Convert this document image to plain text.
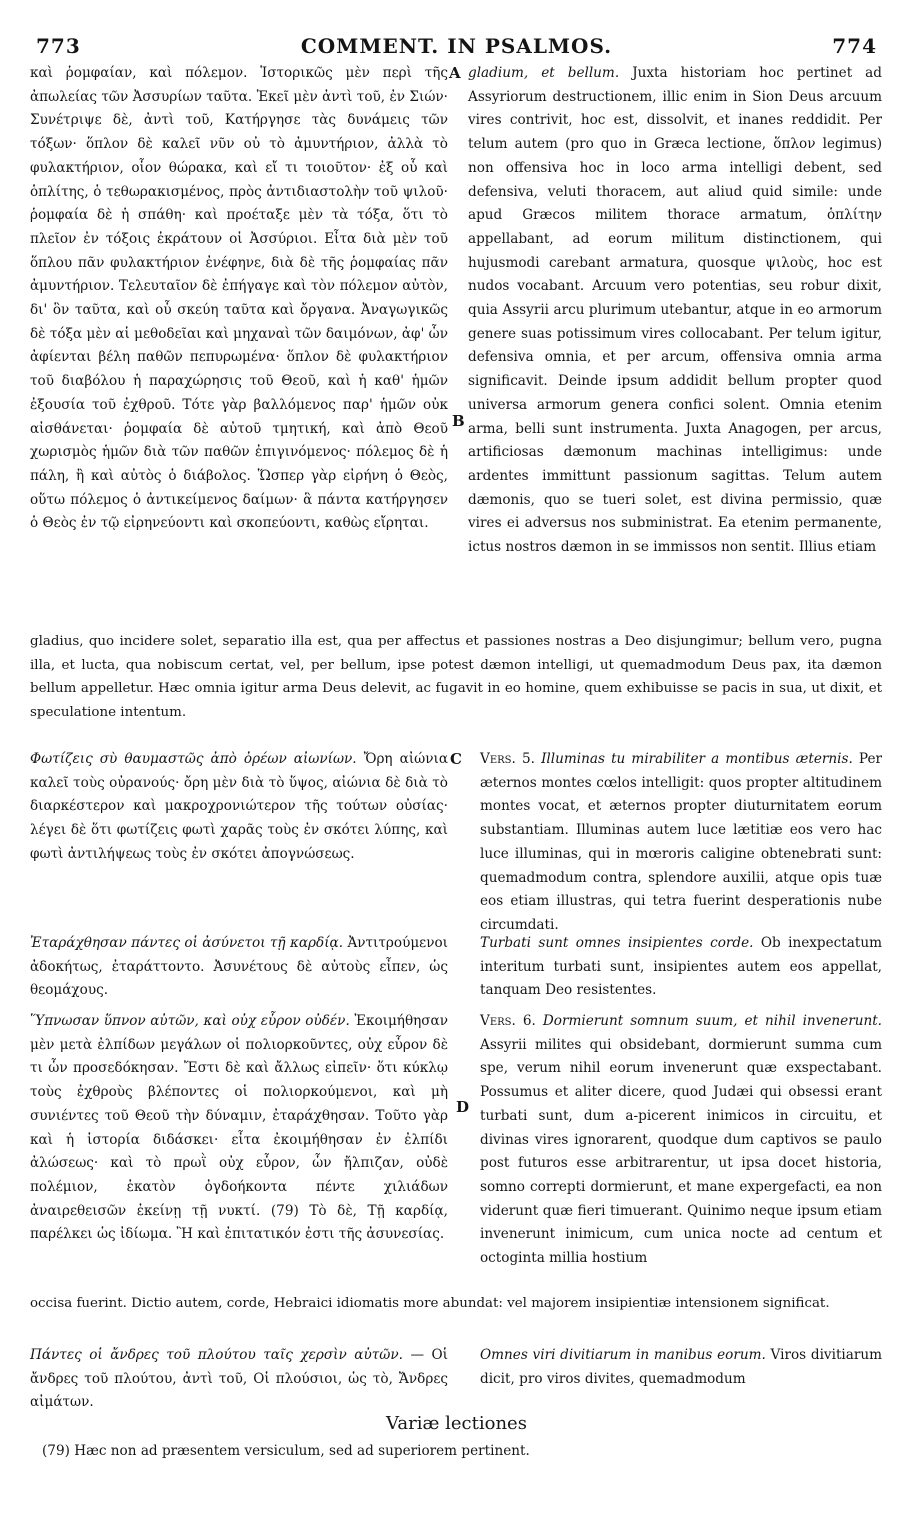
773	COMMENT. IN PSALMOS.	774

καὶ ῥομφαίαν, καὶ πόλεμον. Ἱστορικῶς μὲν περὶ τῆς ἀπωλείας τῶν Ἀσσυρίων ταῦτα. Ἐκεῖ μὲν ἀντὶ τοῦ, ἐν Σιών· Συνέτριψε δὲ, ἀντὶ τοῦ, Κατήργησε τὰς δυνάμεις τῶν τόξων· ὅπλον δὲ καλεῖ νῦν οὐ τὸ ἀμυντήριον, ἀλλὰ τὸ φυλακτήριον, οἷον θώρακα, καὶ εἴ τι τοιοῦτον· ἐξ οὗ καὶ ὁπλίτης, ὁ τεθωρακισμένος, πρὸς ἀντιδιαστολὴν τοῦ ψιλοῦ· ῥομφαία δὲ ἡ σπάθη· καὶ προέταξε μὲν τὰ τόξα, ὅτι τὸ πλεῖον ἐν τόξοις ἐκράτουν οἱ Ἀσσύριοι. Εἶτα διὰ μὲν τοῦ ὅπλου πᾶν φυλακτήριον ἐνέφηνε, διὰ δὲ τῆς ῥομφαίας πᾶν ἀμυντήριον. Τελευταῖον δὲ ἐπήγαγε καὶ τὸν πόλεμον αὐτὸν, δι' ὃν ταῦτα, καὶ οὗ σκεύη ταῦτα καὶ ὄργανα. Ἀναγωγικῶς δὲ τόξα μὲν αἱ μεθοδεῖαι καὶ μηχαναὶ τῶν δαιμόνων, ἀφ' ὧν ἀφίενται βέλη παθῶν πεπυρωμένα· ὅπλον δὲ φυλακτήριον τοῦ διαβόλου ἡ παραχώρησις τοῦ Θεοῦ, καὶ ἡ καθ' ἡμῶν ἐξουσία τοῦ ἐχθροῦ. Τότε γὰρ βαλλόμενος παρ' ἡμῶν οὐκ αἰσθάνεται· ῥομφαία δὲ αὐτοῦ τμητική, καὶ ἀπὸ Θεοῦ χωρισμὸς ἡμῶν διὰ τῶν παθῶν ἐπιγινόμενος· πόλεμος δὲ ἡ πάλη, ἢ καὶ αὐτὸς ὁ διάβολος. Ὥσπερ γὰρ εἰρήνη ὁ Θεὸς, οὕτω πόλεμος ὁ ἀντικείμενος δαίμων· ἃ πάντα κατήργησεν ὁ Θεὸς ἐν τῷ εἰρηνεύοντι καὶ σκοπεύοντι, καθὼς εἴρηται.

A gladium, et bellum. Juxta historiam hoc pertinet ad Assyriorum destructionem, illic enim in Sion Deus arcuum vires contrivit, hoc est, dissolvit, et inanes reddidit. Per telum autem (pro quo in Græca lectione, ὅπλον legimus) non offensiva hoc in loco arma intelligi debent, sed defensiva, veluti thoracem, aut aliud quid simile: unde apud Græcos militem thorace armatum, ὁπλίτην appellabant, ad eorum militum distinctionem, qui hujusmodi carebant armatura, quosque ψιλοὺς, hoc est nudos vocabant. Arcuum vero potentias, seu robur dixit, quia Assyrii arcu plurimum utebantur, atque in eo armorum genere suas potissimum vires collocabant. Per telum igitur, defensiva omnia, et per arcum, offensiva omnia arma significavit. Deinde ipsum addidit bellum propter quod universa armorum genera confici solent. Omnia etenim arma, belli sunt instrumenta. Juxta Anagogen, per arcus, artificiosas dæmonum machinas intelligimus: unde ardentes immittunt passionum sagittas. Telum autem dæmonis, quo se tueri solet, est divina permissio, quæ vires ei adversus nos subministrat. Ea etenim permanente, ictus nostros dæmon in se immissos non sentit. Illius etiam

B

gladius, quo incidere solet, separatio illa est, qua per affectus et passiones nostras a Deo disjungimur; bellum vero, pugna illa, et lucta, qua nobiscum certat, vel, per bellum, ipse potest dæmon intelligi, ut quemadmodum Deus pax, ita dæmon bellum appelletur. Hæc omnia igitur arma Deus delevit, ac fugavit in eo homine, quem exhibuisse se pacis in sua, ut dixit, et speculatione intentum.

Φωτίζεις σὺ θαυμαστῶς ἀπὸ ὀρέων αἰωνίων. Ὄρη αἰώνια καλεῖ τοὺς οὐρανούς· ὄρη μὲν διὰ τὸ ὕψος, αἰώνια δὲ διὰ τὸ διαρκέστερον καὶ μακροχρονιώτερον τῆς τούτων οὐσίας· λέγει δὲ ὅτι φωτίζεις φωτὶ χαρᾶς τοὺς ἐν σκότει λύπης, καὶ φωτὶ ἀντιλήψεως τοὺς ἐν σκότει ἀπογνώσεως.

C Vers. 5. Illuminas tu mirabiliter a montibus æternis. Per æternos montes cœlos intelligit: quos propter altitudinem montes vocat, et æternos propter diuturnitatem eorum substantiam. Illuminas autem luce lætitiæ eos vero hac luce illuminas, qui in mœroris caligine obtenebrati sunt: quemadmodum contra, splendore auxilii, atque opis tuæ eos etiam illustras, qui tetra fuerint desperationis nube circumdati.

Ἐταράχθησαν πάντες οἱ ἀσύνετοι τῇ καρδίᾳ. Ἀντιτρούμενοι ἀδοκήτως, ἐταράττοντο. Ἀσυνέτους δὲ αὐτοὺς εἶπεν, ὡς θεομάχους.

Turbati sunt omnes insipientes corde. Ob inexpectatum interitum turbati sunt, insipientes autem eos appellat, tanquam Deo resistentes.

Ὕπνωσαν ὕπνον αὐτῶν, καὶ οὐχ εὗρον οὐδέν. Ἐκοιμήθησαν μὲν μετὰ ἐλπίδων μεγάλων οἱ πολιορκοῦντες, οὐχ εὗρον δὲ τι ὧν προσεδόκησαν. Ἔστι δὲ καὶ ἄλλως εἰπεῖν· ὅτι κύκλῳ τοὺς ἐχθροὺς βλέποντες οἱ πολιορκούμενοι, καὶ μὴ συνιέντες τοῦ Θεοῦ τὴν δύναμιν, ἐταράχθησαν. Τοῦτο γὰρ καὶ ἡ ἱστορία διδάσκει· εἶτα ἐκοιμήθησαν ἐν ἐλπίδι ἀλώσεως· καὶ τὸ πρωῒ οὐχ εὗρον, ὧν ἤλπιζαν, οὐδὲ πολέμιον, ἑκατὸν ὀγδοήκοντα πέντε χιλιάδων ἀναιρεθεισῶν ἐκείνῃ τῇ νυκτί. (79) Τὸ δὲ, Τῇ καρδίᾳ, παρέλκει ὡς ἰδίωμα. Ἢ καὶ ἐπιτατικόν ἐστι τῆς ἀσυνεσίας.

D

Vers. 6. Dormierunt somnum suum, et nihil invenerunt. Assyrii milites qui obsidebant, dormierunt summa cum spe, verum nihil eorum invenerunt quæ exspectabant. Possumus et aliter dicere, quod Judæi qui obsessi erant turbati sunt, dum a-picerent inimicos in circuitu, et divinas vires ignorarent, quodque dum captivos se paulo post futuros esse arbitrarentur, ut ipsa docet historia, somno correpti dormierunt, et mane expergefacti, ea non viderunt quæ fieri timuerant. Quinimo neque ipsum etiam invenerunt inimicum, cum unica nocte ad centum et octoginta millia hostium

occisa fuerint. Dictio autem, corde, Hebraici idiomatis more abundat: vel majorem insipientiæ intensionem significat.

Πάντες οἱ ἄνδρες τοῦ πλούτου ταῖς χερσὶν αὐτῶν. — Οἱ ἄνδρες τοῦ πλούτου, ἀντὶ τοῦ, Οἱ πλούσιοι, ὡς τὸ, Ἄνδρες αἱμάτων.

Omnes viri divitiarum in manibus eorum. Viros divitiarum dicit, pro viros divites, quemadmodum

Variæ lectiones
(79) Hæc non ad præsentem versiculum, sed ad superiorem pertinent.
